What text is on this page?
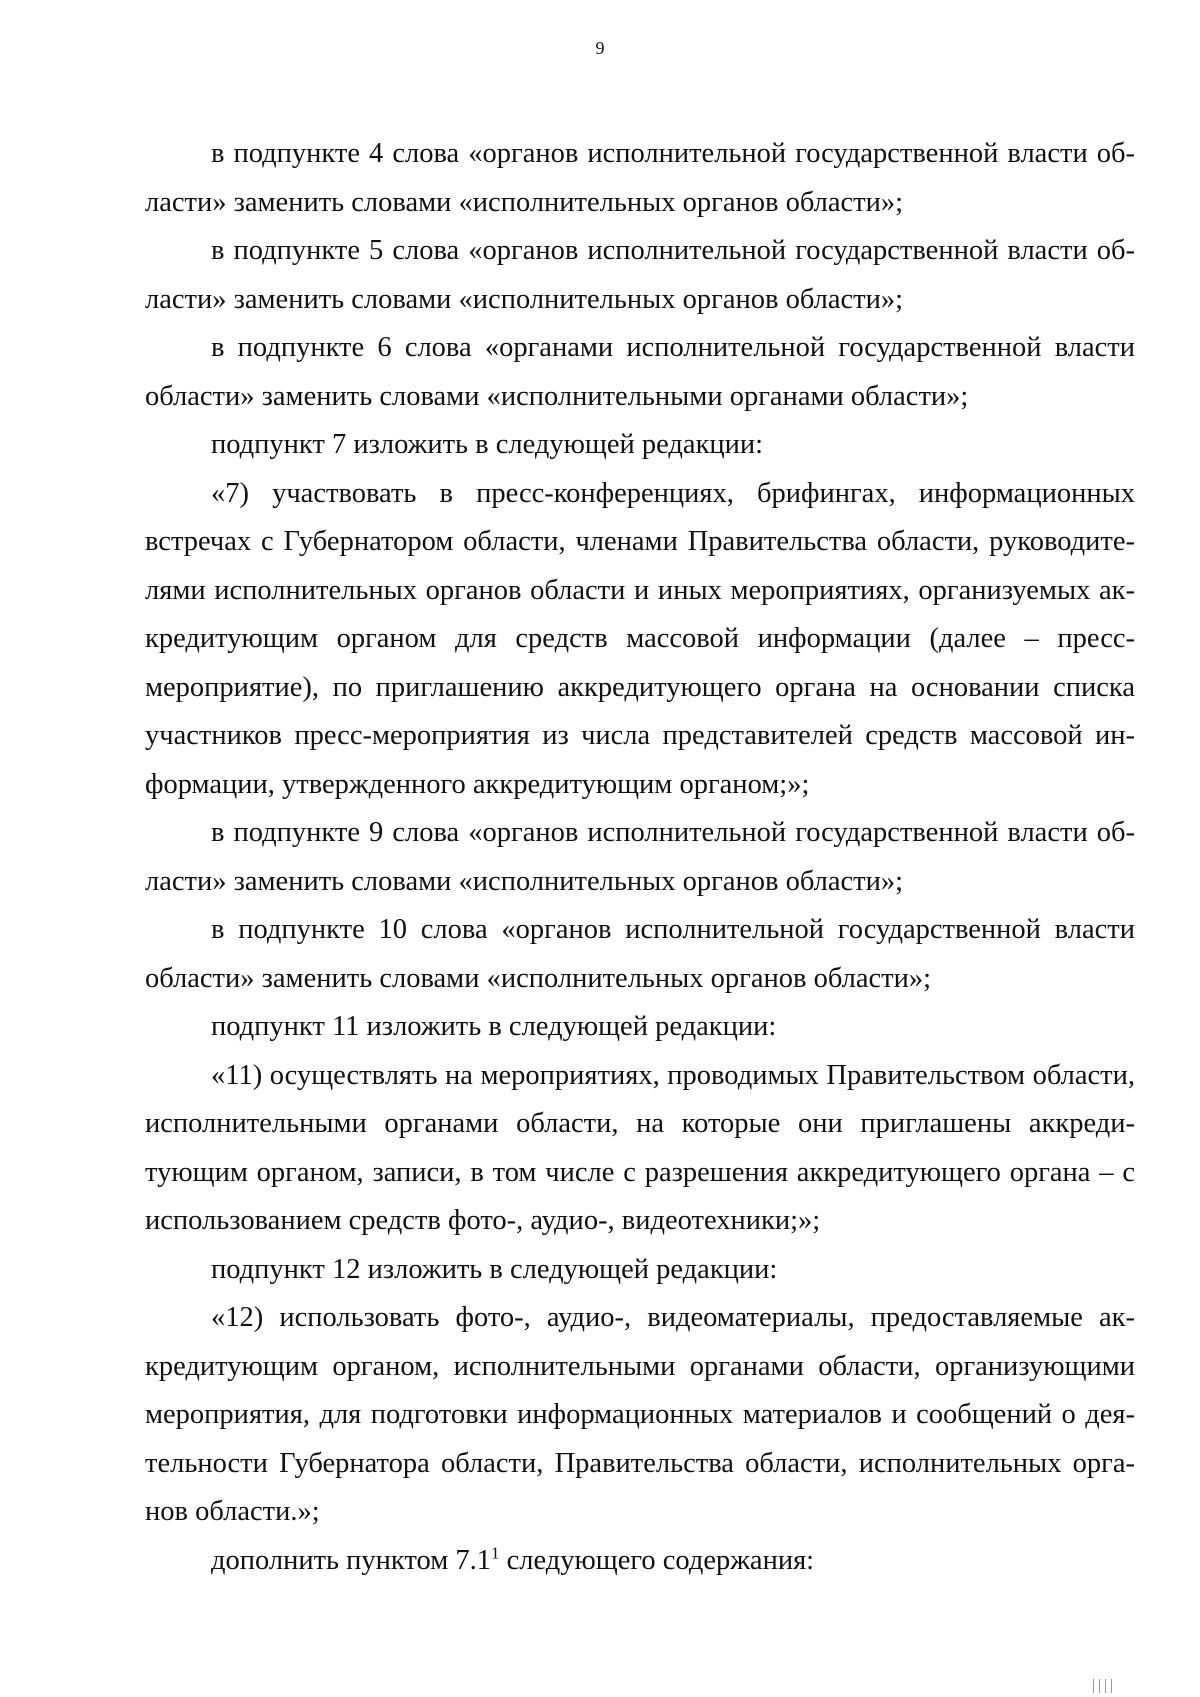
9

в подпункте 4 слова «органов исполнительной государственной власти области» заменить словами «исполнительных органов области»;

в подпункте 5 слова «органов исполнительной государственной власти области» заменить словами «исполнительных органов области»;

в подпункте 6 слова «органами исполнительной государственной власти области» заменить словами «исполнительными органами области»;

подпункт 7 изложить в следующей редакции:

«7) участвовать в пресс-конференциях, брифингах, информационных встречах с Губернатором области, членами Правительства области, руководителями исполнительных органов области и иных мероприятиях, организуемых аккредитующим органом для средств массовой информации (далее – пресс-мероприятие), по приглашению аккредитующего органа на основании списка участников пресс-мероприятия из числа представителей средств массовой информации, утвержденного аккредитующим органом;»;

в подпункте 9 слова «органов исполнительной государственной власти области» заменить словами «исполнительных органов области»;

в подпункте 10 слова «органов исполнительной государственной власти области» заменить словами «исполнительных органов области»;

подпункт 11 изложить в следующей редакции:

«11) осуществлять на мероприятиях, проводимых Правительством области, исполнительными органами области, на которые они приглашены аккредитующим органом, записи, в том числе с разрешения аккредитующего органа – с использованием средств фото-, аудио-, видеотехники;»;

подпункт 12 изложить в следующей редакции:

«12) использовать фото-, аудио-, видеоматериалы, предоставляемые аккредитующим органом, исполнительными органами области, организующими мероприятия, для подготовки информационных материалов и сообщений о деятельности Губернатора области, Правительства области, исполнительных органов области.»;

дополнить пунктом $7.1^1$ следующего содержания:
